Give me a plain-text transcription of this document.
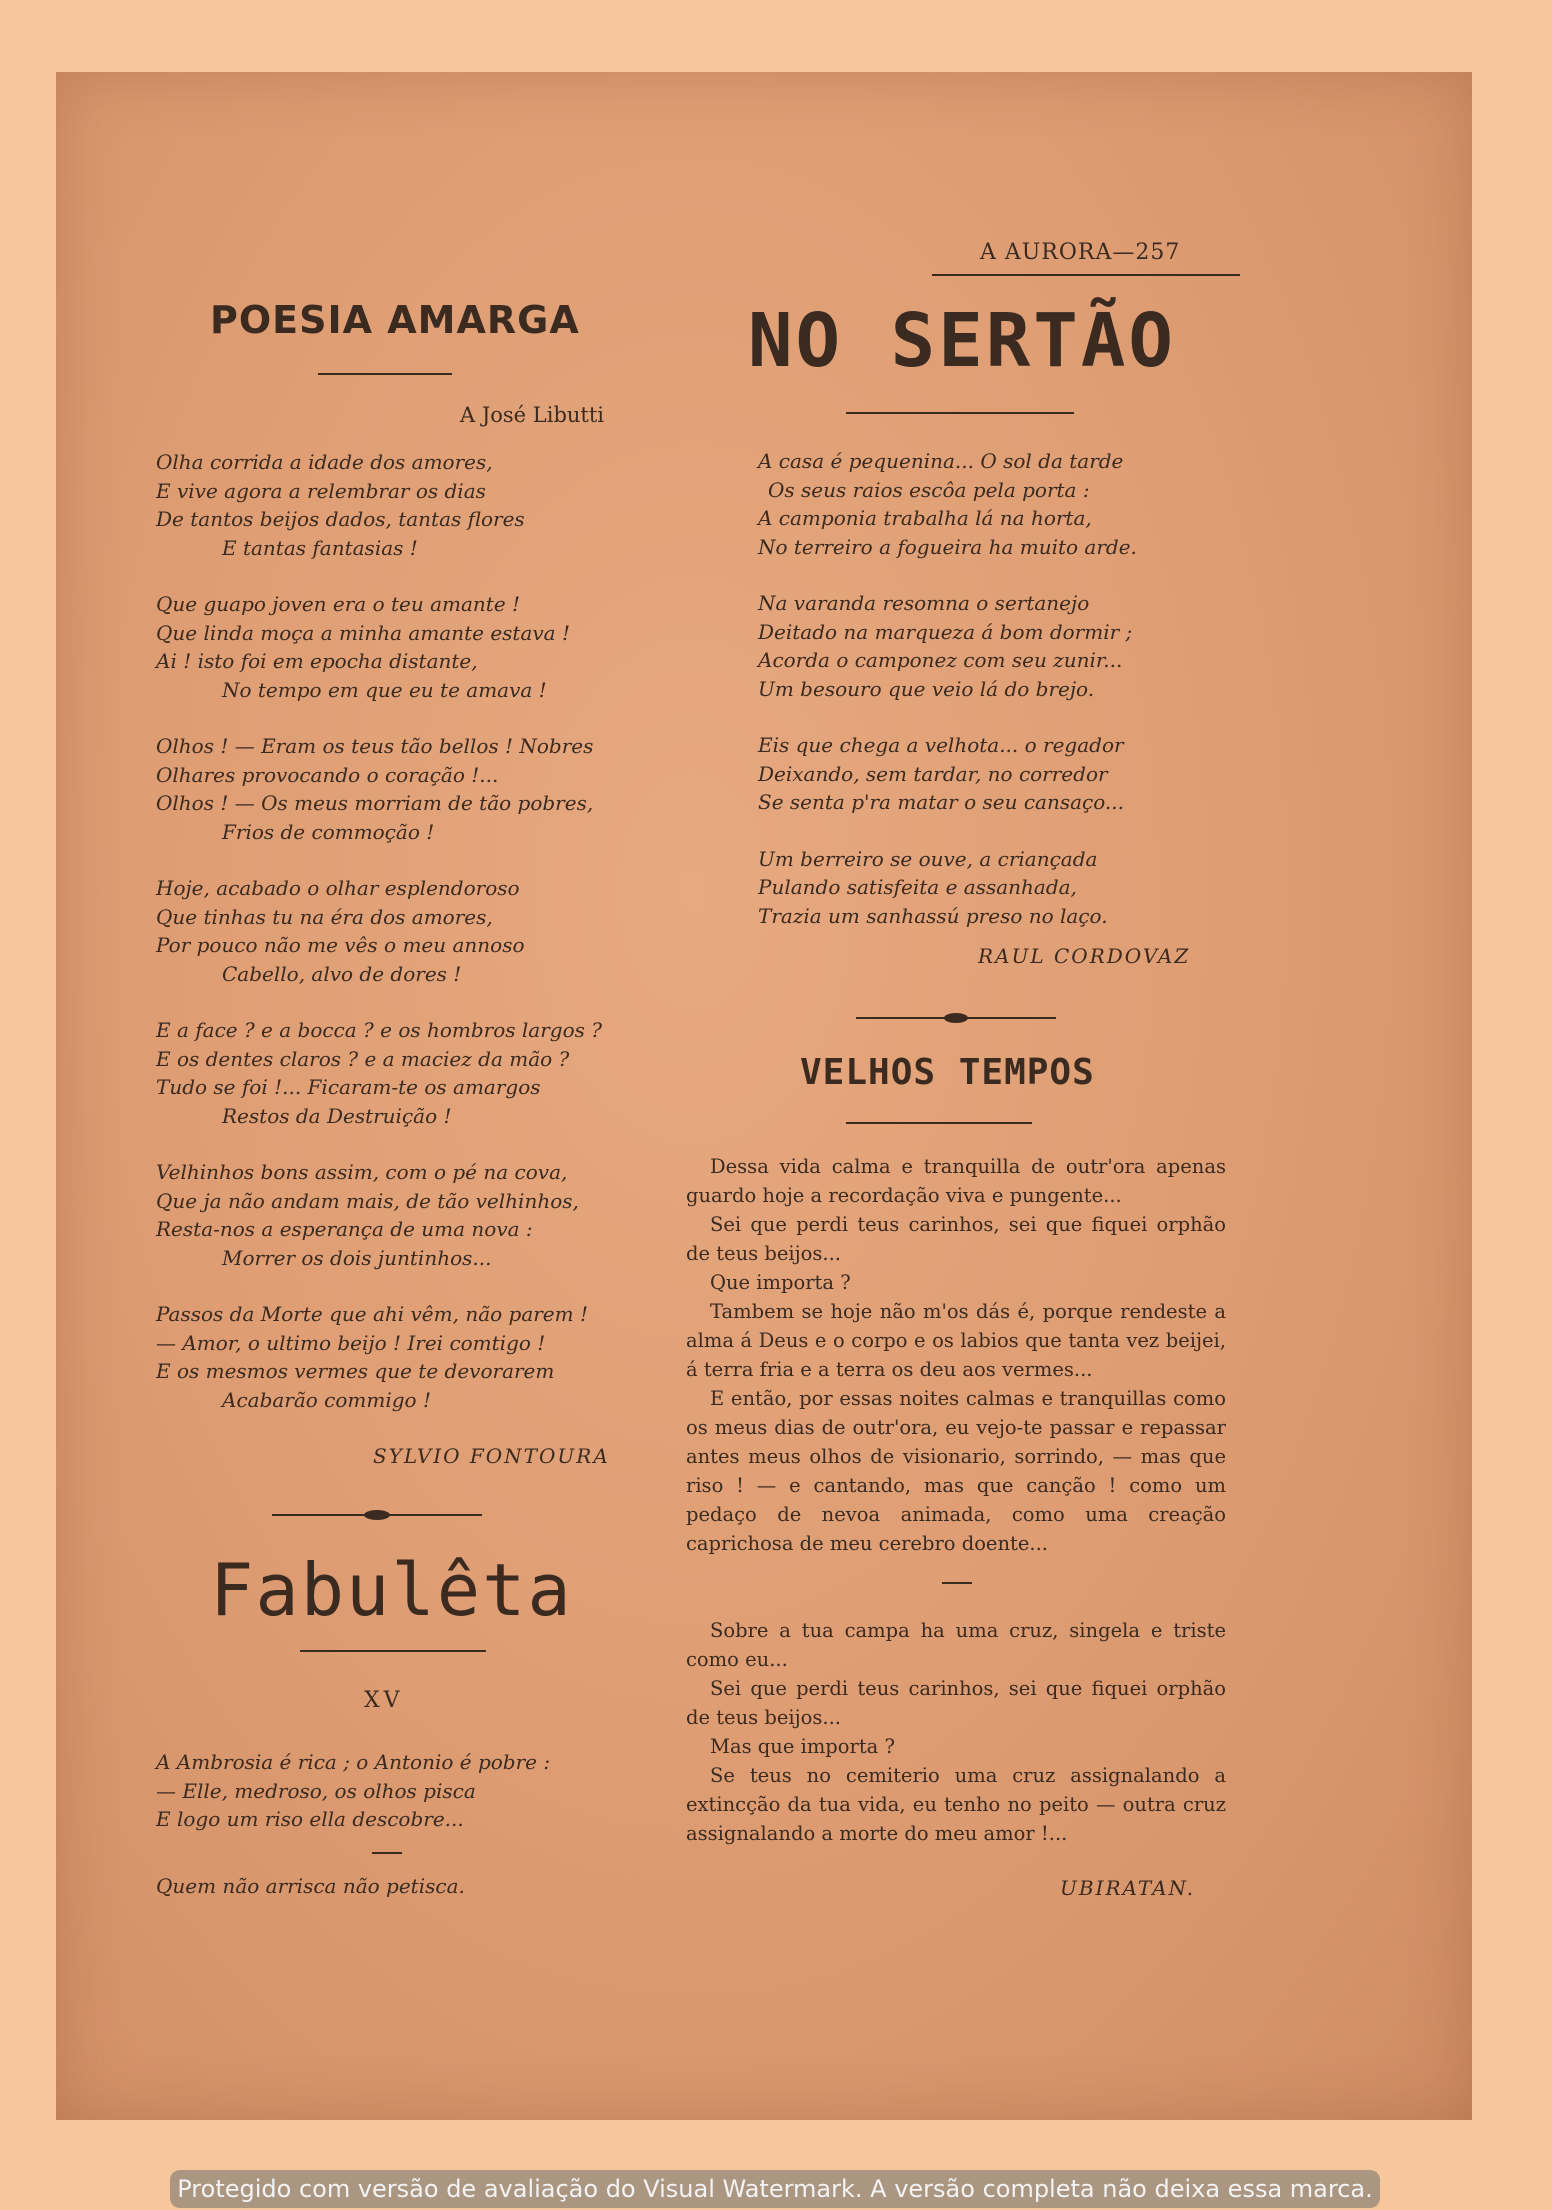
A AURORA—257
POESIA AMARGA
A José Libutti
Olha corrida a idade dos amores,
E vive agora a relembrar os dias
De tantos beijos dados, tantas flores
E tantas fantasias !
Que guapo joven era o teu amante !
Que linda moça a minha amante estava !
Ai ! isto foi em epocha distante,
No tempo em que eu te amava !
Olhos ! — Eram os teus tão bellos ! Nobres
Olhares provocando o coração !...
Olhos ! — Os meus morriam de tão pobres,
Frios de commoção !
Hoje, acabado o olhar esplendoroso
Que tinhas tu na éra dos amores,
Por pouco não me vês o meu annoso
Cabello, alvo de dores !
E a face ? e a bocca ? e os hombros largos ?
E os dentes claros ? e a maciez da mão ?
Tudo se foi !... Ficaram-te os amargos
Restos da Destruição !
Velhinhos bons assim, com o pé na cova,
Que ja não andam mais, de tão velhinhos,
Resta-nos a esperança de uma nova :
Morrer os dois juntinhos...
Passos da Morte que ahi vêm, não parem !
— Amor, o ultimo beijo ! Irei comtigo !
E os mesmos vermes que te devorarem
Acabarão commigo !
SYLVIO FONTOURA
Fabulêta
XV
A Ambrosia é rica ; o Antonio é pobre :
— Elle, medroso, os olhos pisca
E logo um riso ella descobre...
Quem não arrisca não petisca.
NO SERTÃO
A casa é pequenina... O sol da tarde
Os seus raios escôa pela porta :
A camponia trabalha lá na horta,
No terreiro a fogueira ha muito arde.
Na varanda resomna o sertanejo
Deitado na marqueza á bom dormir ;
Acorda o camponez com seu zunir...
Um besouro que veio lá do brejo.
Eis que chega a velhota... o regador
Deixando, sem tardar, no corredor
Se senta p'ra matar o seu cansaço...
Um berreiro se ouve, a criançada
Pulando satisfeita e assanhada,
Trazia um sanhassú preso no laço.
RAUL CORDOVAZ
VELHOS TEMPOS

Dessa vida calma e tranquilla de outr'ora apenas guardo hoje a recordação viva e pungente...

Sei que perdi teus carinhos, sei que fiquei orphão de teus beijos...

Que importa ?

Tambem se hoje não m'os dás é, porque rendeste a alma á Deus e o corpo e os labios que tanta vez beijei, á terra fria e a terra os deu aos vermes...

E então, por essas noites calmas e tranquillas como os meus dias de outr'ora, eu vejo-te passar e repassar antes meus olhos de visionario, sorrindo, — mas que riso ! — e cantando, mas que canção ! como um pedaço de nevoa animada, como uma creação caprichosa de meu cerebro doente...

Sobre a tua campa ha uma cruz, singela e triste como eu...

Sei que perdi teus carinhos, sei que fiquei orphão de teus beijos...

Mas que importa ?

Se teus no cemiterio uma cruz assignalando a extincção da tua vida, eu tenho no peito — outra cruz assignalando a morte do meu amor !...

UBIRATAN.
Protegido com versão de avaliação do Visual Watermark. A versão completa não deixa essa marca.
